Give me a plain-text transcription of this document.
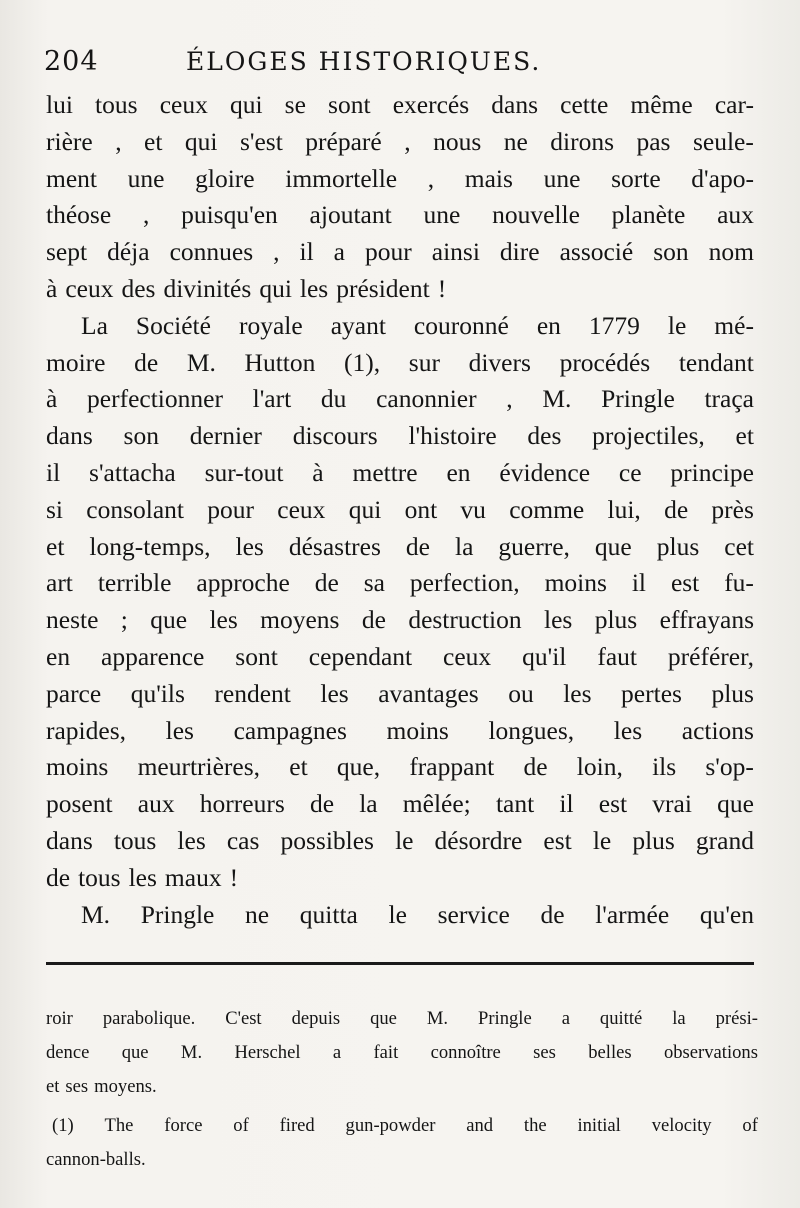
204	ÉLOGES HISTORIQUES.
lui tous ceux qui se sont exercés dans cette même car-
rière , et qui s'est préparé , nous ne dirons pas seule-
ment une gloire immortelle , mais une sorte d'apo-
théose , puisqu'en ajoutant une nouvelle planète aux
sept déja connues , il a pour ainsi dire associé son nom
à ceux des divinités qui les président !
La Société royale ayant couronné en 1779 le mé-
moire de M. Hutton (1), sur divers procédés tendant
à perfectionner l'art du canonnier , M. Pringle traça
dans son dernier discours l'histoire des projectiles, et
il s'attacha sur-tout à mettre en évidence ce principe
si consolant pour ceux qui ont vu comme lui, de près
et long-temps, les désastres de la guerre, que plus cet
art terrible approche de sa perfection, moins il est fu-
neste ; que les moyens de destruction les plus effrayans
en apparence sont cependant ceux qu'il faut préférer,
parce qu'ils rendent les avantages ou les pertes plus
rapides, les campagnes moins longues, les actions
moins meurtrières, et que, frappant de loin, ils s'op-
posent aux horreurs de la mêlée; tant il est vrai que
dans tous les cas possibles le désordre est le plus grand
de tous les maux !
M. Pringle ne quitta le service de l'armée qu'en
roir parabolique. C'est depuis que M. Pringle a quitté la prési-
dence que M. Herschel a fait connoître ses belles observations
et ses moyens.
(1) The force of fired gun-powder and the initial velocity of
cannon-balls.
